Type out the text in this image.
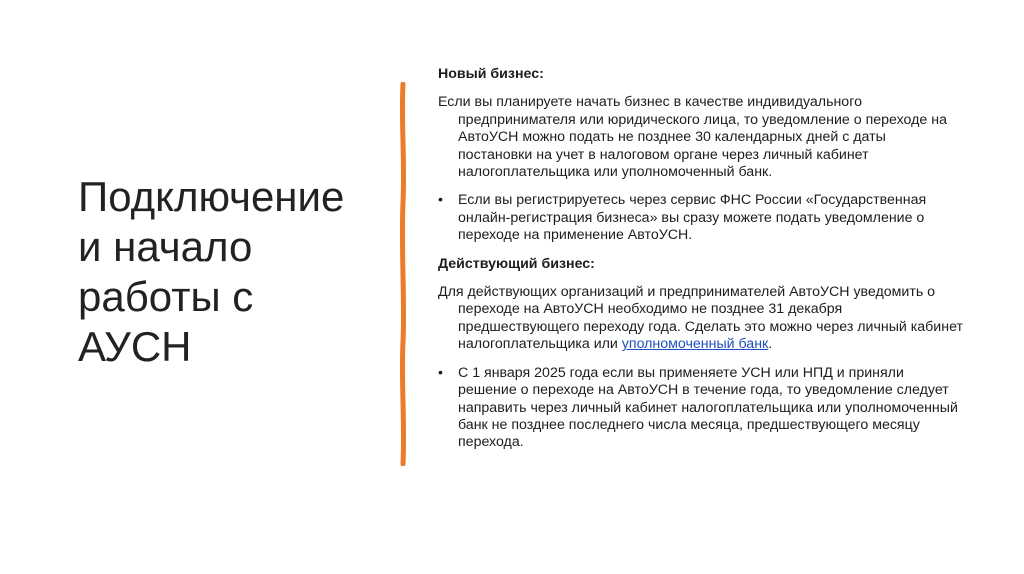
Подключение
и начало
работы с
АУСН

Новый бизнес:

Если вы планируете начать бизнес в качестве индивидуального предпринимателя или юридического лица, то уведомление о переходе на АвтоУСН можно подать не позднее 30 календарных дней с даты постановки на учет в налоговом органе через личный кабинет налогоплательщика или уполномоченный банк.

•	Если вы регистрируетесь через сервис ФНС России «Государственная онлайн-регистрация бизнеса» вы сразу можете подать уведомление о переходе на применение АвтоУСН.

Действующий бизнес:

Для действующих организаций и предпринимателей АвтоУСН уведомить о переходе на АвтоУСН необходимо не позднее 31 декабря предшествующего переходу года. Сделать это можно через личный кабинет налогоплательщика или уполномоченный банк.

•	С 1 января 2025 года если вы применяете УСН или НПД и приняли решение о переходе на АвтоУСН в течение года, то уведомление следует направить через личный кабинет налогоплательщика или уполномоченный банк не позднее последнего числа месяца, предшествующего месяцу перехода.
